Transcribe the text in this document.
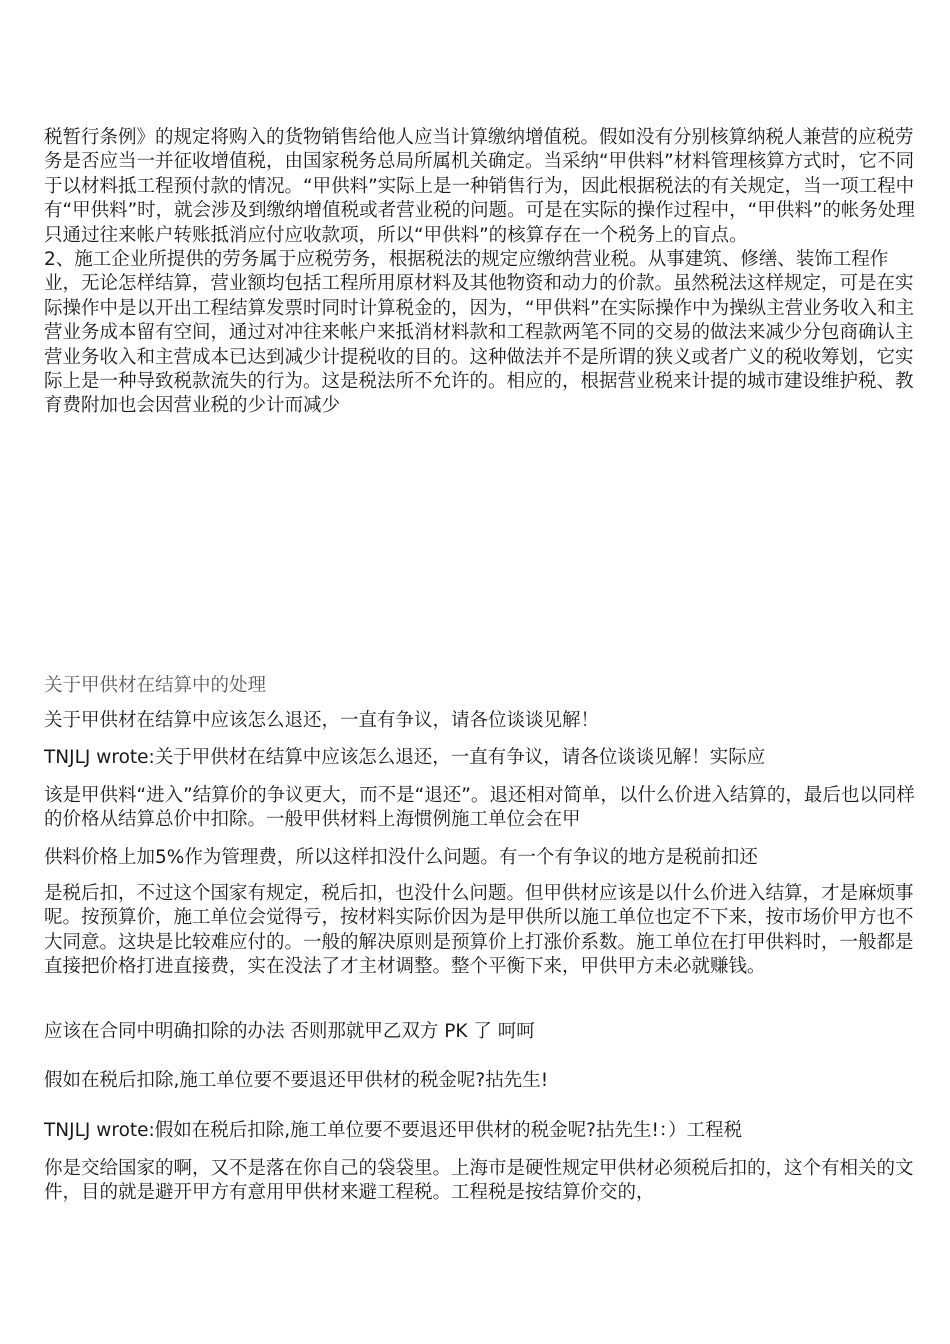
税暂行条例》的规定将购入的货物销售给他人应当计算缴纳增值税。假如没有分别核算纳税人兼营的应税劳务是否应当一并征收增值税，由国家税务总局所属机关确定。当采纳“甲供料”材料管理核算方式时，它不同于以材料抵工程预付款的情况。“甲供料”实际上是一种销售行为，因此根据税法的有关规定，当一项工程中有“甲供料”时，就会涉及到缴纳增值税或者营业税的问题。可是在实际的操作过程中，“甲供料”的帐务处理只通过往来帐户转账抵消应付应收款项，所以“甲供料”的核算存在一个税务上的盲点。
2、施工企业所提供的劳务属于应税劳务，根据税法的规定应缴纳营业税。从事建筑、修缮、装饰工程作业，无论怎样结算，营业额均包括工程所用原材料及其他物资和动力的价款。虽然税法这样规定，可是在实际操作中是以开出工程结算发票时同时计算税金的，因为，“甲供料”在实际操作中为操纵主营业务收入和主营业务成本留有空间，通过对冲往来帐户来抵消材料款和工程款两笔不同的交易的做法来减少分包商确认主营业务收入和主营成本已达到减少计提税收的目的。这种做法并不是所谓的狭义或者广义的税收筹划，它实际上是一种导致税款流失的行为。这是税法所不允许的。相应的，根据营业税来计提的城市建设维护税、教育费附加也会因营业税的少计而减少

关于甲供材在结算中的处理

关于甲供材在结算中应该怎么退还，一直有争议，请各位谈谈见解！

TNJLJ wrote:关于甲供材在结算中应该怎么退还，一直有争议，请各位谈谈见解！实际应

该是甲供料“进入”结算价的争议更大，而不是“退还”。退还相对简单，以什么价进入结算的，最后也以同样的价格从结算总价中扣除。一般甲供材料上海惯例施工单位会在甲

供料价格上加5%作为管理费，所以这样扣没什么问题。有一个有争议的地方是税前扣还

是税后扣，不过这个国家有规定，税后扣，也没什么问题。但甲供材应该是以什么价进入结算，才是麻烦事呢。按预算价，施工单位会觉得亏，按材料实际价因为是甲供所以施工单位也定不下来，按市场价甲方也不大同意。这块是比较难应付的。一般的解决原则是预算价上打涨价系数。施工单位在打甲供料时，一般都是直接把价格打进直接费，实在没法了才主材调整。整个平衡下来，甲供甲方未必就赚钱。

应该在合同中明确扣除的办法 否则那就甲乙双方 PK 了 呵呵

假如在税后扣除,施工单位要不要退还甲供材的税金呢?拈先生!

TNJLJ wrote:假如在税后扣除,施工单位要不要退还甲供材的税金呢?拈先生!：）工程税

你是交给国家的啊，又不是落在你自己的袋袋里。上海市是硬性规定甲供材必须税后扣的，这个有相关的文件，目的就是避开甲方有意用甲供材来避工程税。工程税是按结算价交的，
